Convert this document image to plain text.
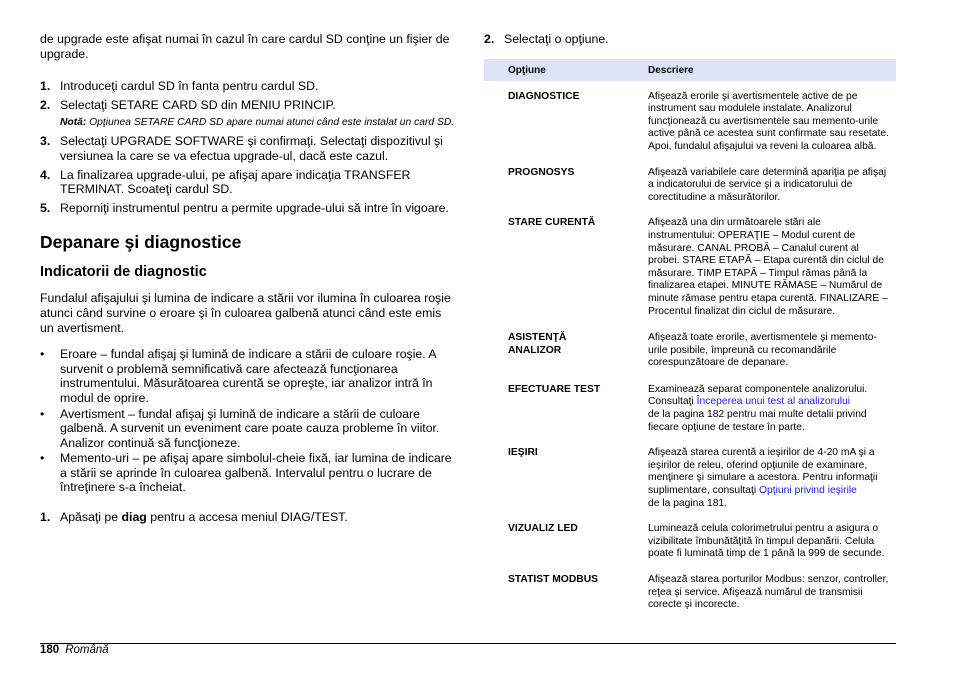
de upgrade este afişat numai în cazul în care cardul SD conţine un fişier de upgrade.

1. Introduceţi cardul SD în fanta pentru cardul SD.
2. Selectaţi SETARE CARD SD din MENIU PRINCIP.
Notă: Opţiunea SETARE CARD SD apare numai atunci când este instalat un card SD.
3. Selectaţi UPGRADE SOFTWARE şi confirmaţi. Selectaţi dispozitivul şi versiunea la care se va efectua upgrade-ul, dacă este cazul.
4. La finalizarea upgrade-ului, pe afişaj apare indicaţia TRANSFER TERMINAT. Scoateţi cardul SD.
5. Reporniţi instrumentul pentru a permite upgrade-ului să intre în vigoare.
Depanare şi diagnostice
Indicatorii de diagnostic

Fundalul afişajului şi lumina de indicare a stării vor ilumina în culoarea roşie atunci când survine o eroare şi în culoarea galbenă atunci când este emis un avertisment.

•	Eroare – fundal afişaj şi lumină de indicare a stării de culoare roşie. A survenit o problemă semnificativă care afectează funcţionarea instrumentului. Măsurătoarea curentă se opreşte, iar analizor intră în modul de oprire.
•	Avertisment – fundal afişaj şi lumină de indicare a stării de culoare galbenă. A survenit un eveniment care poate cauza probleme în viitor. Analizor continuă să funcţioneze.
•	Memento-uri – pe afişaj apare simbolul-cheie fixă, iar lumina de indicare a stării se aprinde în culoarea galbenă. Intervalul pentru o lucrare de întreţinere s-a încheiat.
1. Apăsaţi pe diag pentru a accesa meniul DIAG/TEST.
2. Selectaţi o opţiune.
Opţiune	Descriere
DIAGNOSTICE	Afişează erorile şi avertismentele active de pe instrument sau modulele instalate. Analizorul funcţionează cu avertismentele sau memento-urile active până ce acestea sunt confirmate sau resetate. Apoi, fundalul afişajului va reveni la culoarea albă.
PROGNOSYS	Afişează variabilele care determină apariţia pe afişaj a indicatorului de service şi a indicatorului de corectitudine a măsurătorilor.
STARE CURENTĂ	Afişează una din următoarele stări ale instrumentului: OPERAŢIE – Modul curent de măsurare. CANAL PROBĂ – Canalul curent al probei. STARE ETAPĂ – Etapa curentă din ciclul de măsurare. TIMP ETAPĂ – Timpul rămas până la finalizarea etapei. MINUTE RĂMASE – Numărul de minute rămase pentru etapa curentă. FINALIZARE – Procentul finalizat din ciclul de măsurare.
ASISTENŢĂ ANALIZOR	Afişează toate erorile, avertismentele şi memento-urile posibile, împreună cu recomandările corespunzătoare de depanare.
EFECTUARE TEST	Examinează separat componentele analizorului. Consultaţi Începerea unui test al analizorului
de la pagina 182 pentru mai multe detalii privind fiecare opţiune de testare în parte.
IEŞIRI	Afişează starea curentă a ieşirilor de 4-20 mA şi a ieşirilor de releu, oferind opţiunile de examinare, menţinere şi simulare a acestora. Pentru informaţii suplimentare, consultaţi Opţiuni privind ieşirile
de la pagina 181.
VIZUALIZ LED	Luminează celula colorimetrului pentru a asigura o vizibilitate îmbunătăţită în timpul depanării. Celula poate fi luminată timp de 1 până la 999 de secunde.
STATIST MODBUS	Afişează starea porturilor Modbus: senzor, controller, reţea şi service. Afişează numărul de transmisii corecte şi incorecte.
180 Română
